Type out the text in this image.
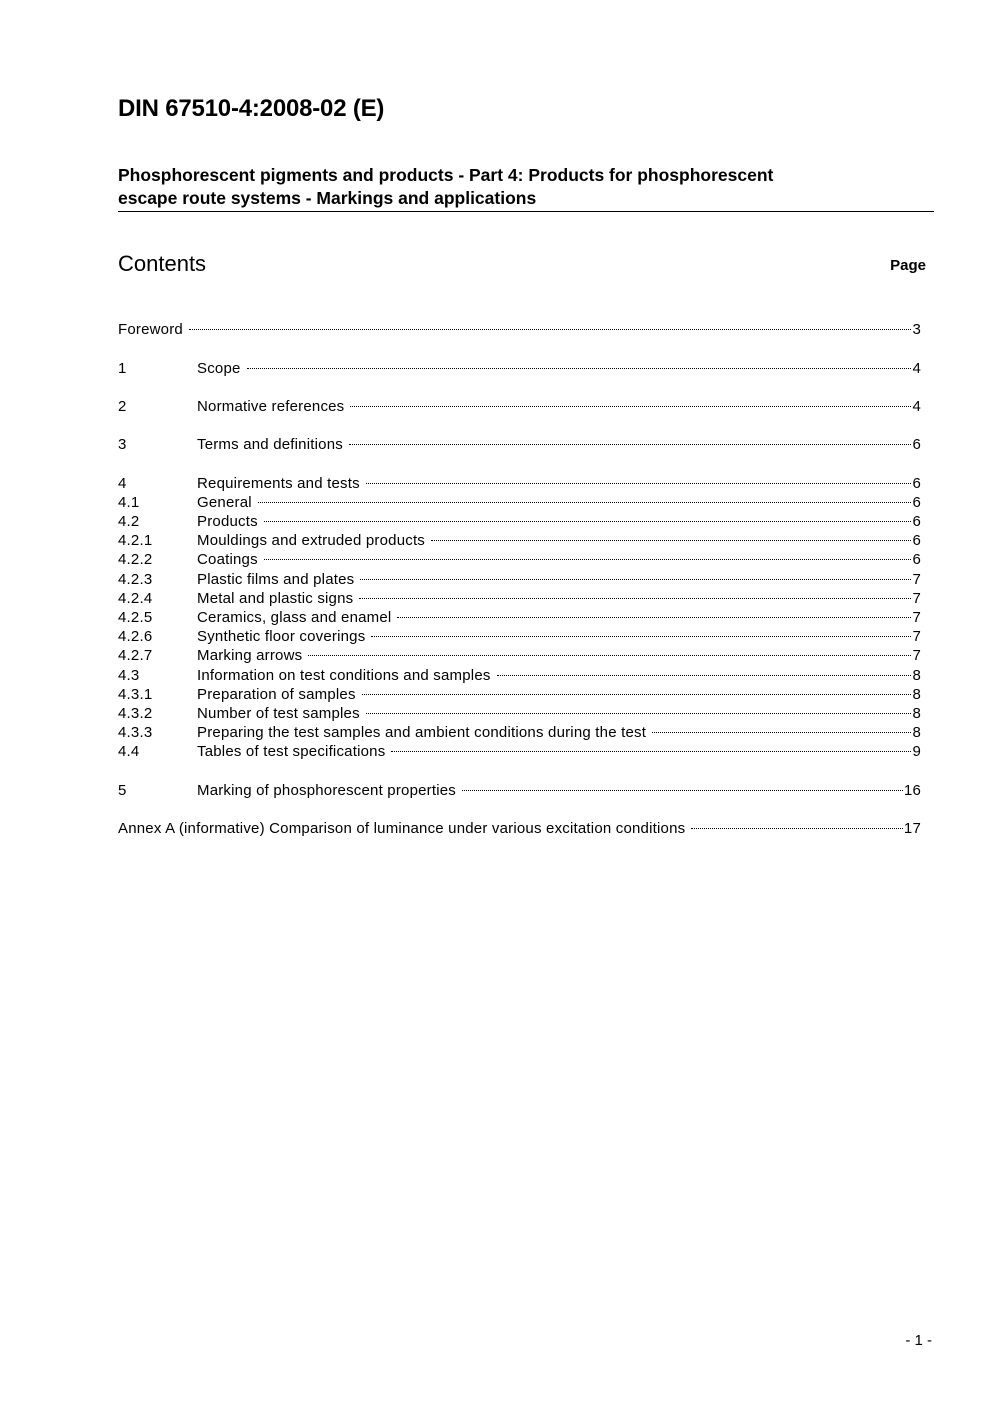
DIN 67510-4:2008-02 (E)
Phosphorescent pigments and products - Part 4: Products for phosphorescent
escape route systems - Markings and applications
Contents	Page
Foreword	3
1	Scope	4
2	Normative references	4
3	Terms and definitions	6
4	Requirements and tests	6
4.1	General	6
4.2	Products	6
4.2.1	Mouldings and extruded products	6
4.2.2	Coatings	6
4.2.3	Plastic films and plates	7
4.2.4	Metal and plastic signs	7
4.2.5	Ceramics, glass and enamel	7
4.2.6	Synthetic floor coverings	7
4.2.7	Marking arrows	7
4.3	Information on test conditions and samples	8
4.3.1	Preparation of samples	8
4.3.2	Number of test samples	8
4.3.3	Preparing the test samples and ambient conditions during the test	8
4.4	Tables of test specifications	9
5	Marking of phosphorescent properties	16
Annex A (informative) Comparison of luminance under various excitation conditions	17
- 1 -
